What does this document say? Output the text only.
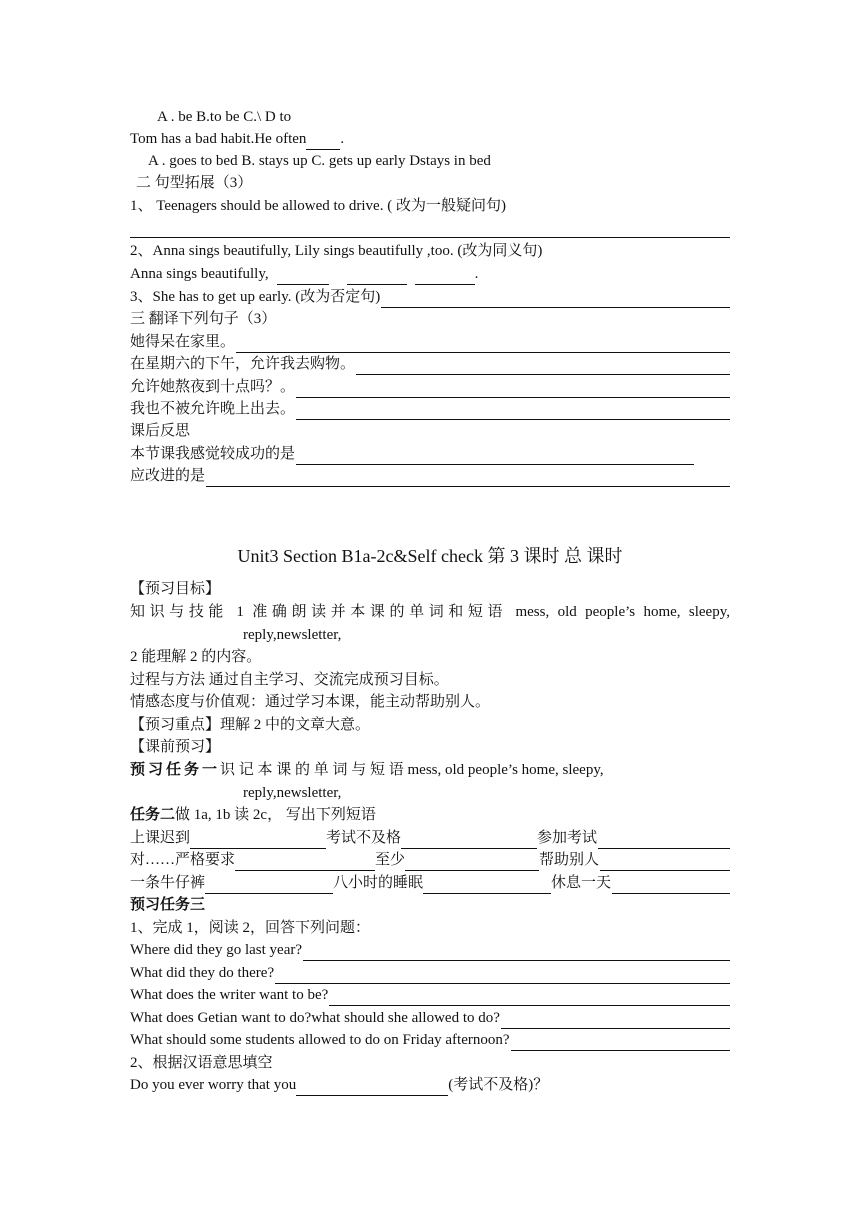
A . be B.to be C.\ D to
Tom has a bad habit.He often .
A . goes to bed B. stays up C. gets up early Dstays in bed
二 句型拓展（3）
1、 Teenagers should be allowed to drive. ( 改为一般疑问句)
2、Anna sings beautifully, Lily sings beautifully ,too. (改为同义句)
Anna sings beautifully,	.
3、She has to get up early. (改为否定句)
三 翻译下列句子（3）
她得呆在家里。
在星期六的下午，允许我去购物。
允许她熬夜到十点吗？。
我也不被允许晚上出去。
课后反思
本节课我感觉较成功的是
应改进的是
Unit3 Section B1a-2c&Self check 第 3 课时 总 课时
【预习目标】
知识与技能 1 准确朗读并本课的单词和短语 mess, old people’s home, sleepy,
reply,newsletter,
2 能理解 2 的内容。
过程与方法 通过自主学习、交流完成预习目标。
情感态度与价值观：通过学习本课，能主动帮助别人。
【预习重点】 理解 2 中的文章大意。
【课前预习】
预习任务一 识 记 本 课 的 单 词 与 短 语 mess, old people’s home, sleepy,
reply,newsletter,
任务二 做 1a, 1b 读 2c， 写出下列短语
上课迟到	考试不及格	参加考试
对……严格要求	至少	帮助别人
一条牛仔裤	八小时的睡眠	休息一天
预习任务三
1、完成 1，阅读 2，回答下列问题：
Where did they go last year?
What did they do there?
What does the writer want to be?
What does Getian want to do?what should she allowed to do?
What should some students allowed to do on Friday afternoon?
2、根据汉语意思填空
Do you ever worry that you	(考试不及格)？
